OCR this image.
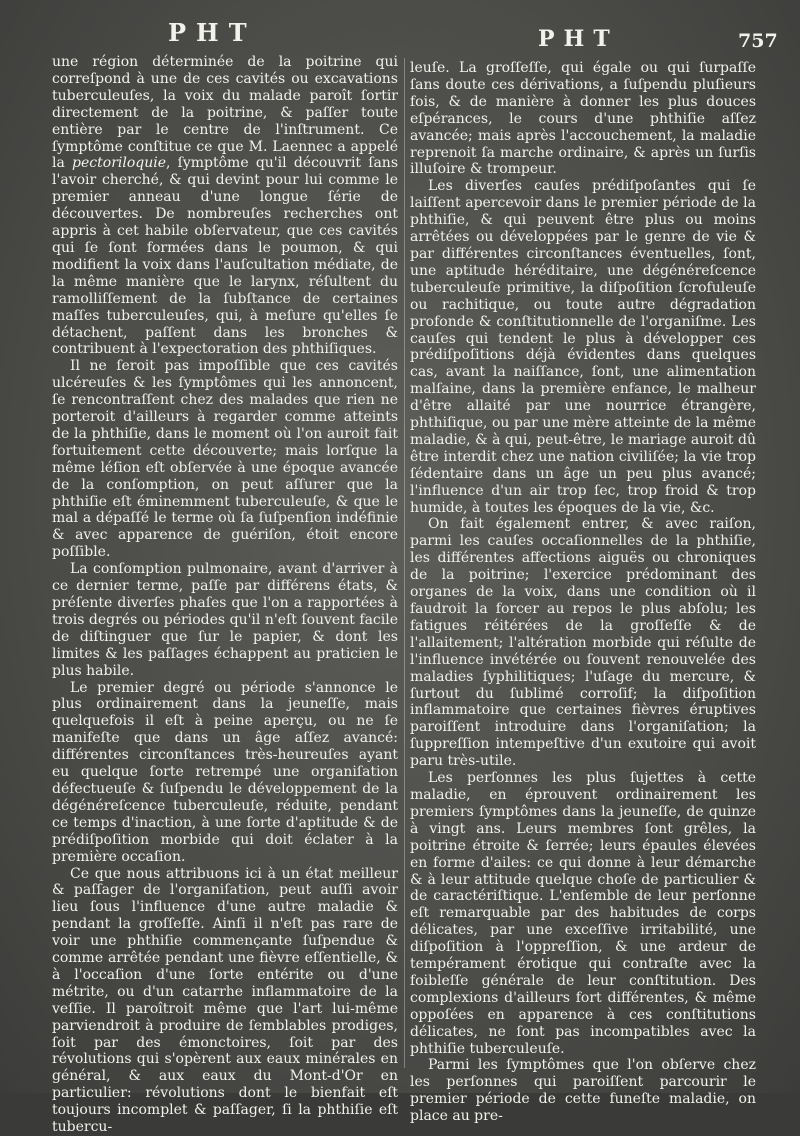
PHT	PHT	757

une région déterminée de la poitrine qui correſpond à une de ces cavités ou excavations tuberculeuſes, la voix du malade paroît ſortir directement de la poitrine, & paſſer toute entière par le centre de l'inſtrument. Ce ſymptôme conſtitue ce que M. Laennec a appelé la pectoriloquie, ſymptôme qu'il découvrit ſans l'avoir cherché, & qui devint pour lui comme le premier anneau d'une longue ſérie de découvertes. De nombreuſes recherches ont appris à cet habile obſervateur, que ces cavités qui ſe ſont formées dans le poumon, & qui modifient la voix dans l'auſcultation médiate, de la même manière que le larynx, réſultent du ramolliſſement de la ſubſtance de certaines maſſes tuberculeuſes, qui, à meſure qu'elles ſe détachent, paſſent dans les bronches & contribuent à l'expectoration des phthiſiques.

Il ne ſeroit pas impoſſible que ces cavités ulcéreuſes & les ſymptômes qui les annoncent, ſe rencontraſſent chez des malades que rien ne porteroit d'ailleurs à regarder comme atteints de la phthiſie, dans le moment où l'on auroit fait fortuitement cette découverte; mais lorſque la même léſion eſt obſervée à une époque avancée de la conſomption, on peut aſſurer que la phthiſie eſt éminemment tuberculeuſe, & que le mal a dépaſſé le terme où ſa ſuſpenſion indéfinie & avec apparence de guériſon, étoit encore poſſible.

La conſomption pulmonaire, avant d'arriver à ce dernier terme, paſſe par différens états, & préſente diverſes phaſes que l'on a rapportées à trois degrés ou périodes qu'il n'eſt ſouvent facile de diſtinguer que ſur le papier, & dont les limites & les paſſages échappent au praticien le plus habile.

Le premier degré ou période s'annonce le plus ordinairement dans la jeuneſſe, mais quelquefois il eſt à peine aperçu, ou ne ſe manifeſte que dans un âge aſſez avancé: différentes circonſtances très-heureuſes ayant eu quelque ſorte retrempé une organiſation défectueuſe & ſuſpendu le développement de la dégénéreſcence tuberculeuſe, réduite, pendant ce temps d'inaction, à une ſorte d'aptitude & de prédiſpoſition morbide qui doit éclater à la première occaſion.

Ce que nous attribuons ici à un état meilleur & paſſager de l'organiſation, peut auſſi avoir lieu ſous l'influence d'une autre maladie & pendant la groſſeſſe. Ainſi il n'eſt pas rare de voir une phthiſie commençante ſuſpendue & comme arrêtée pendant une fièvre eſſentielle, & à l'occaſion d'une ſorte entérite ou d'une métrite, ou d'un catarrhe inflammatoire de la veſſie. Il paroîtroit même que l'art lui-même parviendroit à produire de ſemblables prodiges, ſoit par des émonctoires, ſoit par des révolutions qui s'opèrent aux eaux minérales en général, & aux eaux du Mont-d'Or en particulier: révolutions dont le bienfait eſt toujours incomplet & paſſager, ſi la phthiſie eſt tubercu-

leuſe. La groſſeſſe, qui égale ou qui ſurpaſſe ſans doute ces dérivations, a ſuſpendu pluſieurs fois, & de manière à donner les plus douces eſpérances, le cours d'une phthiſie aſſez avancée; mais après l'accouchement, la maladie reprenoit ſa marche ordinaire, & après un ſurſis illuſoire & trompeur.

Les diverſes cauſes prédiſpoſantes qui ſe laiſſent apercevoir dans le premier période de la phthiſie, & qui peuvent être plus ou moins arrêtées ou développées par le genre de vie & par différentes circonſtances éventuelles, ſont, une aptitude héréditaire, une dégénéreſcence tuberculeuſe primitive, la diſpoſition ſcrofuleuſe ou rachitique, ou toute autre dégradation profonde & conſtitutionnelle de l'organiſme. Les cauſes qui tendent le plus à développer ces prédiſpoſitions déjà évidentes dans quelques cas, avant la naiſſance, ſont, une alimentation malſaine, dans la première enfance, le malheur d'être allaité par une nourrice étrangère, phthiſique, ou par une mère atteinte de la même maladie, & à qui, peut-être, le mariage auroit dû être interdit chez une nation civiliſée; la vie trop ſédentaire dans un âge un peu plus avancé; l'influence d'un air trop ſec, trop froid & trop humide, à toutes les époques de la vie, &c.

On fait également entrer, & avec raiſon, parmi les cauſes occaſionnelles de la phthiſie, les différentes affections aiguës ou chroniques de la poitrine; l'exercice prédominant des organes de la voix, dans une condition où il faudroit la forcer au repos le plus abſolu; les fatigues réitérées de la groſſeſſe & de l'allaitement; l'altération morbide qui réſulte de l'influence invétérée ou ſouvent renouvelée des maladies ſyphilitiques; l'uſage du mercure, & ſurtout du ſublimé corroſif; la diſpoſition inflammatoire que certaines fièvres éruptives paroiſſent introduire dans l'organiſation; la ſuppreſſion intempeſtive d'un exutoire qui avoit paru très-utile.

Les perſonnes les plus ſujettes à cette maladie, en éprouvent ordinairement les premiers ſymptômes dans la jeuneſſe, de quinze à vingt ans. Leurs membres ſont grêles, la poitrine étroite & ſerrée; leurs épaules élevées en forme d'ailes: ce qui donne à leur démarche & à leur attitude quelque choſe de particulier & de caractériſtique. L'enſemble de leur perſonne eſt remarquable par des habitudes de corps délicates, par une exceſſive irritabilité, une diſpoſition à l'oppreſſion, & une ardeur de tempérament érotique qui contraſte avec la foibleſſe générale de leur conſtitution. Des complexions d'ailleurs fort différentes, & même oppoſées en apparence à ces conſtitutions délicates, ne ſont pas incompatibles avec la phthiſie tuberculeuſe.

Parmi les ſymptômes que l'on obſerve chez les perſonnes qui paroiſſent parcourir le premier période de cette funeſte maladie, on place au pre-
